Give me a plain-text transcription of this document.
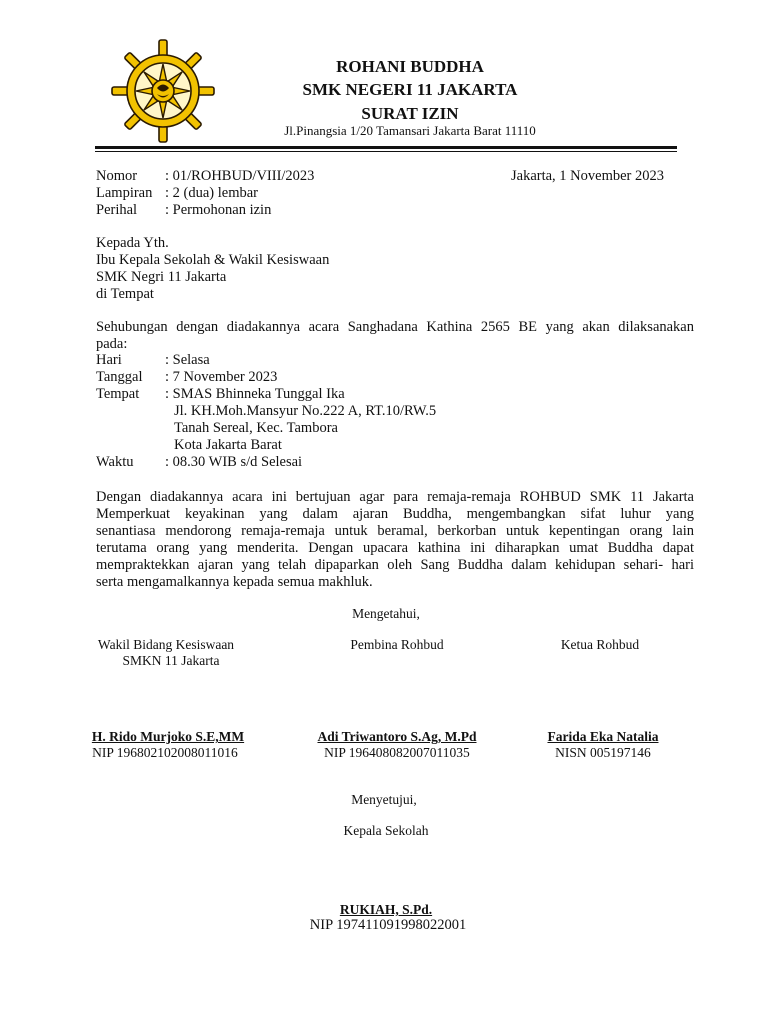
ROHANI BUDDHA
SMK NEGERI 11 JAKARTA
SURAT IZIN
Jl.Pinangsia 1/20 Tamansari Jakarta Barat 11110
Nomor : 01/ROHBUD/VIII/2023
Lampiran : 2 (dua) lembar
Perihal : Permohonan izin
Jakarta, 1 November 2023
Kepada Yth.
Ibu Kepala Sekolah & Wakil Kesiswaan
SMK Negri 11 Jakarta
di Tempat
Sehubungan dengan diadakannya acara Sanghadana Kathina 2565 BE yang akan dilaksanakan
pada:
Hari	: Selasa
Tanggal : 7 November 2023
Tempat : SMAS Bhinneka Tunggal Ika
Jl. KH.Moh.Mansyur No.222 A, RT.10/RW.5
Tanah Sereal, Kec. Tambora
Kota Jakarta Barat
Waktu : 08.30 WIB s/d Selesai
Dengan diadakannya acara ini bertujuan agar para remaja-remaja ROHBUD SMK 11 Jakarta
Memperkuat keyakinan yang dalam ajaran Buddha, mengembangkan sifat luhur yang
senantiasa mendorong remaja-remaja untuk beramal, berkorban untuk kepentingan orang lain
terutama orang yang menderita. Dengan upacara kathina ini diharapkan umat Buddha dapat
mempraktekkan ajaran yang telah dipaparkan oleh Sang Buddha dalam kehidupan sehari- hari
serta mengamalkannya kepada semua makhluk.
Mengetahui,
Wakil Bidang Kesiswaan
SMKN 11 Jakarta
Pembina Rohbud	Ketua Rohbud
H. Rido Murjoko S.E,MM
NIP 196802102008011016
Adi Triwantoro S.Ag, M.Pd
NIP 196408082007011035
Farida Eka Natalia
NISN 005197146
Menyetujui,
Kepala Sekolah
RUKIAH, S.Pd.
NIP 197411091998022001
